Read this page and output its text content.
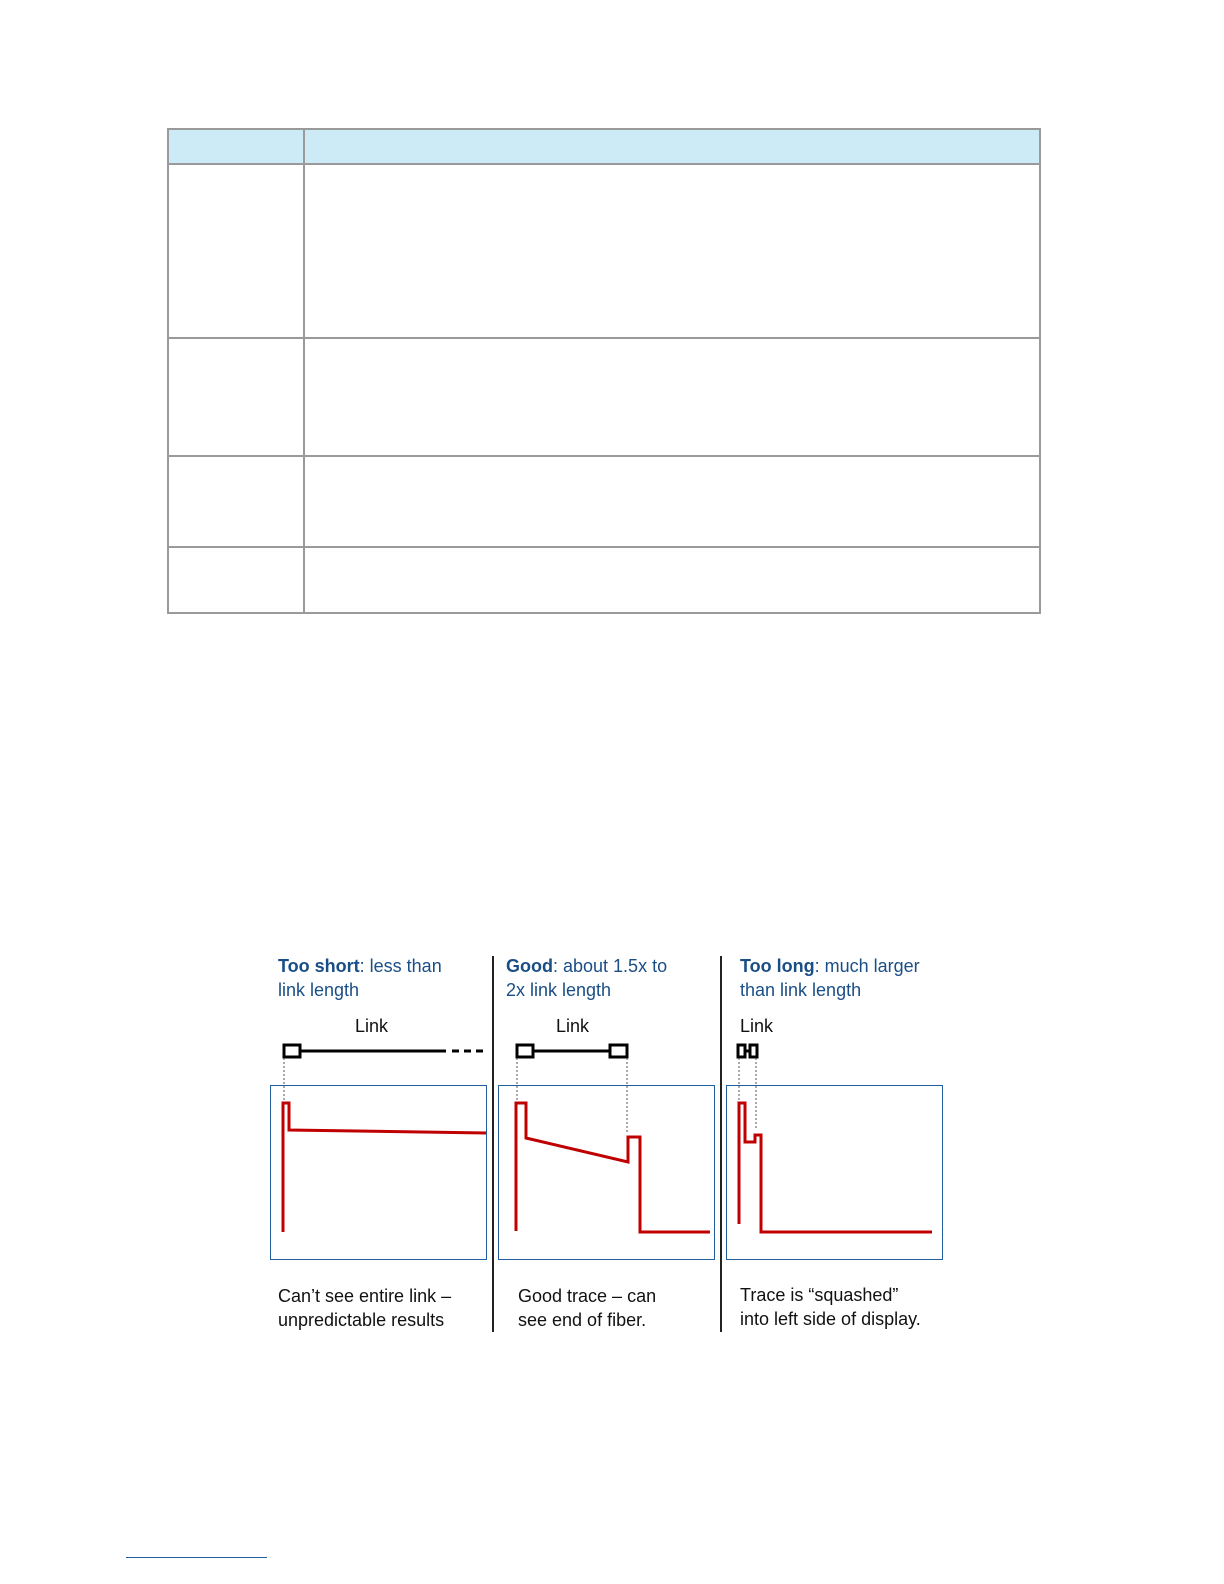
Too short: less than
link length
Link
Can’t see entire link –
unpredictable results
Good: about 1.5x to
2x link length
Link
Good trace – can
see end of fiber.
Too long: much larger
than link length
Link
Trace is “squashed”
into left side of display.
